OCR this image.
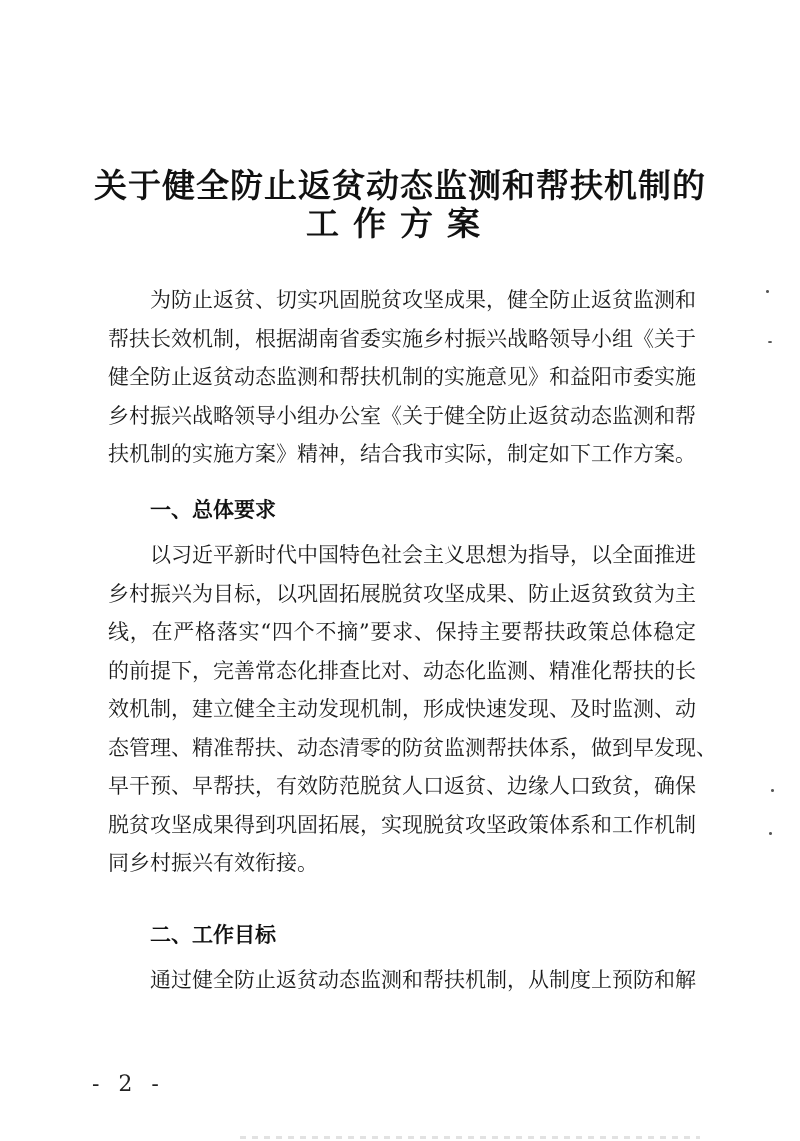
关于健全防止返贫动态监测和帮扶机制的
工作方案
为防止返贫、切实巩固脱贫攻坚成果，健全防止返贫监测和
帮扶长效机制，根据湖南省委实施乡村振兴战略领导小组《关于
健全防止返贫动态监测和帮扶机制的实施意见》和益阳市委实施
乡村振兴战略领导小组办公室《关于健全防止返贫动态监测和帮
扶机制的实施方案》精神，结合我市实际，制定如下工作方案。
一、总体要求
以习近平新时代中国特色社会主义思想为指导，以全面推进
乡村振兴为目标，以巩固拓展脱贫攻坚成果、防止返贫致贫为主
线，在严格落实“四个不摘”要求、保持主要帮扶政策总体稳定
的前提下，完善常态化排查比对、动态化监测、精准化帮扶的长
效机制，建立健全主动发现机制，形成快速发现、及时监测、动
态管理、精准帮扶、动态清零的防贫监测帮扶体系，做到早发现、
早干预、早帮扶，有效防范脱贫人口返贫、边缘人口致贫，确保
脱贫攻坚成果得到巩固拓展，实现脱贫攻坚政策体系和工作机制
同乡村振兴有效衔接。
二、工作目标
通过健全防止返贫动态监测和帮扶机制，从制度上预防和解
- 2 -
